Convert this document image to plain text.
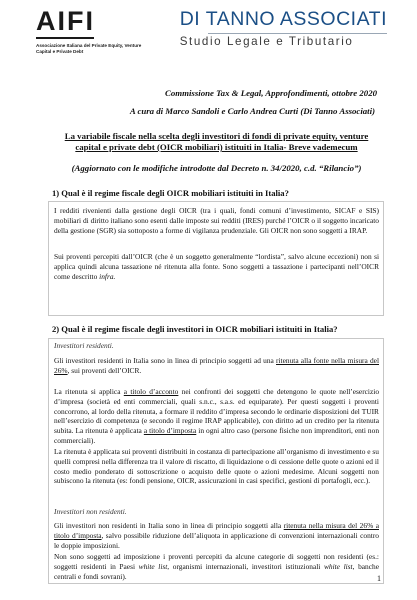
AIFI
Associazione Italiana del Private Equity, Venture Capital e Private Debt
DI TANNO ASSOCIATI
Studio Legale e Tributario
Commissione Tax & Legal, Approfondimenti, ottobre 2020
A cura di Marco Sandoli e Carlo Andrea Curti (Di Tanno Associati)
La variabile fiscale nella scelta degli investitori di fondi di private equity, venture capital e private debt (OICR mobiliari) istituiti in Italia- Breve vademecum
(Aggiornato con le modifiche introdotte dal Decreto n. 34/2020, c.d. “Rilancio”)
1) Qual è il regime fiscale degli OICR mobiliari istituiti in Italia?
I redditi rivenienti dalla gestione degli OICR (tra i quali, fondi comuni d’investimento, SICAF e SIS) mobiliari di diritto italiano sono esenti dalle imposte sui redditi (IRES) purché l’OICR o il soggetto incaricato della gestione (SGR) sia sottoposto a forme di vigilanza prudenziale. Gli OICR non sono soggetti a IRAP.
Sui proventi percepiti dall’OICR (che è un soggetto generalmente “lordista”, salvo alcune eccezioni) non si applica quindi alcuna tassazione né ritenuta alla fonte. Sono soggetti a tassazione i partecipanti nell’OICR come descritto infra.
2) Qual è il regime fiscale degli investitori in OICR mobiliari istituiti in Italia?
Investitori residenti.
Gli investitori residenti in Italia sono in linea di principio soggetti ad una ritenuta alla fonte nella misura del 26%, sui proventi dell’OICR.
La ritenuta si applica a titolo d’acconto nei confronti dei soggetti che detengono le quote nell’esercizio d’impresa (società ed enti commerciali, quali s.n.c., s.a.s. ed equiparate). Per questi soggetti i proventi concorrono, al lordo della ritenuta, a formare il reddito d’impresa secondo le ordinarie disposizioni del TUIR nell’esercizio di competenza (e secondo il regime IRAP applicabile), con diritto ad un credito per la ritenuta subita. La ritenuta è applicata a titolo d’imposta in ogni altro caso (persone fisiche non imprenditori, enti non commerciali).
La ritenuta è applicata sui proventi distribuiti in costanza di partecipazione all’organismo di investimento e su quelli compresi nella differenza tra il valore di riscatto, di liquidazione o di cessione delle quote o azioni ed il costo medio ponderato di sottoscrizione o acquisto delle quote o azioni medesime. Alcuni soggetti non subiscono la ritenuta (es: fondi pensione, OICR, assicurazioni in casi specifici, gestioni di portafogli, ecc.).
Investitori non residenti.
Gli investitori non residenti in Italia sono in linea di principio soggetti alla ritenuta nella misura del 26% a titolo d’imposta, salvo possibile riduzione dell’aliquota in applicazione di convenzioni internazionali contro le doppie imposizioni.
Non sono soggetti ad imposizione i proventi percepiti da alcune categorie di soggetti non residenti (es.: soggetti residenti in Paesi white list, organismi internazionali, investitori istituzionali white list, banche centrali e fondi sovrani).	1
